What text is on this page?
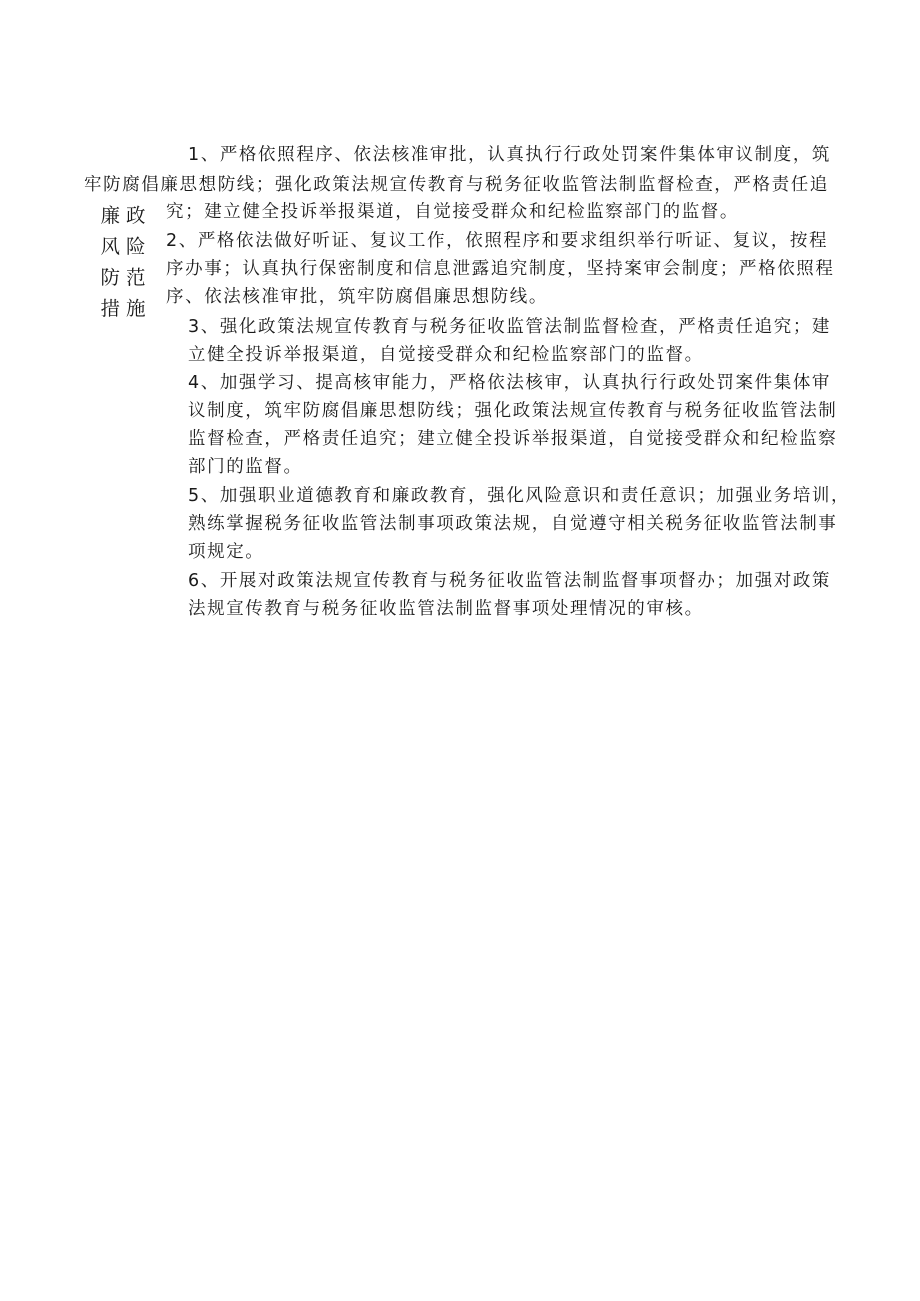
廉政
风险
防范
措施
1、严格依照程序、依法核准审批，认真执行行政处罚案件集体审议制度，筑
牢防腐倡廉思想防线；强化政策法规宣传教育与税务征收监管法制监督检查，严格责任追
究；建立健全投诉举报渠道，自觉接受群众和纪检监察部门的监督。
2、严格依法做好听证、复议工作，依照程序和要求组织举行听证、复议，按程
序办事；认真执行保密制度和信息泄露追究制度，坚持案审会制度；严格依照程
序、依法核准审批，筑牢防腐倡廉思想防线。
3、强化政策法规宣传教育与税务征收监管法制监督检查，严格责任追究；建
立健全投诉举报渠道，自觉接受群众和纪检监察部门的监督。
4、加强学习、提高核审能力，严格依法核审，认真执行行政处罚案件集体审
议制度，筑牢防腐倡廉思想防线；强化政策法规宣传教育与税务征收监管法制
监督检查，严格责任追究；建立健全投诉举报渠道，自觉接受群众和纪检监察
部门的监督。
5、加强职业道德教育和廉政教育，强化风险意识和责任意识；加强业务培训，
熟练掌握税务征收监管法制事项政策法规，自觉遵守相关税务征收监管法制事
项规定。
6、开展对政策法规宣传教育与税务征收监管法制监督事项督办；加强对政策
法规宣传教育与税务征收监管法制监督事项处理情况的审核。
